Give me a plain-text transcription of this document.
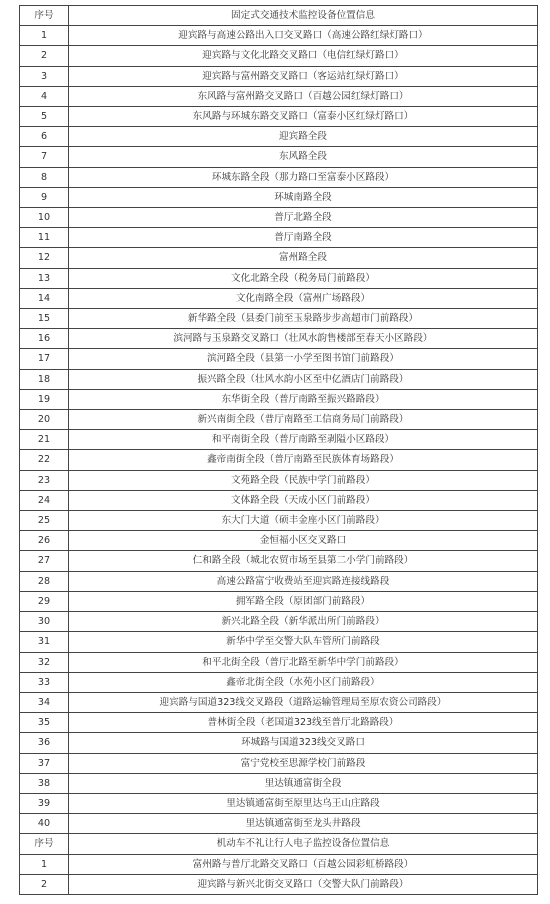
序号	固定式交通技术监控设备位置信息
1	迎宾路与高速公路出入口交叉路口（高速公路红绿灯路口）
2	迎宾路与文化北路交叉路口（电信红绿灯路口）
3	迎宾路与富州路交叉路口（客运站红绿灯路口）
4	东风路与富州路交叉路口（百越公园红绿灯路口）
5	东风路与环城东路交叉路口（富泰小区红绿灯路口）
6	迎宾路全段
7	东风路全段
8	环城东路全段（那力路口至富泰小区路段）
9	环城南路全段
10	普厅北路全段
11	普厅南路全段
12	富州路全段
13	文化北路全段（税务局门前路段）
14	文化南路全段（富州广场路段）
15	新华路全段（县委门前至玉泉路步步高超市门前路段）
16	滨河路与玉泉路交叉路口（壮风水韵售楼部至春天小区路段）
17	滨河路全段（县第一小学至图书馆门前路段）
18	振兴路全段（壮风水韵小区至中亿酒店门前路段）
19	东华街全段（普厅南路至振兴路路段）
20	新兴南街全段（普厅南路至工信商务局门前路段）
21	和平南街全段（普厅南路至剥隘小区路段）
22	鑫帝南街全段（普厅南路至民族体育场路段）
23	文苑路全段（民族中学门前路段）
24	文体路全段（天成小区门前路段）
25	东大门大道（硕丰金座小区门前路段）
26	金恒福小区交叉路口
27	仁和路全段（城北农贸市场至县第二小学门前路段）
28	高速公路富宁收费站至迎宾路连接线路段
29	拥军路全段（原团部门前路段）
30	新兴北路全段（新华派出所门前路段）
31	新华中学至交警大队车管所门前路段
32	和平北街全段（普厅北路至新华中学门前路段）
33	鑫帝北街全段（水苑小区门前路段）
34	迎宾路与国道323线交叉路段（道路运输管理局至原农资公司路段）
35	普林街全段（老国道323线至普厅北路路段）
36	环城路与国道323线交叉路口
37	富宁党校至思源学校门前路段
38	里达镇通富街全段
39	里达镇通富街至原里达乌王山庄路段
40	里达镇通富街至龙头井路段
序号	机动车不礼让行人电子监控设备位置信息
1	富州路与普厅北路交叉路口（百越公园彩虹桥路段）
2	迎宾路与新兴北街交叉路口（交警大队门前路段）
